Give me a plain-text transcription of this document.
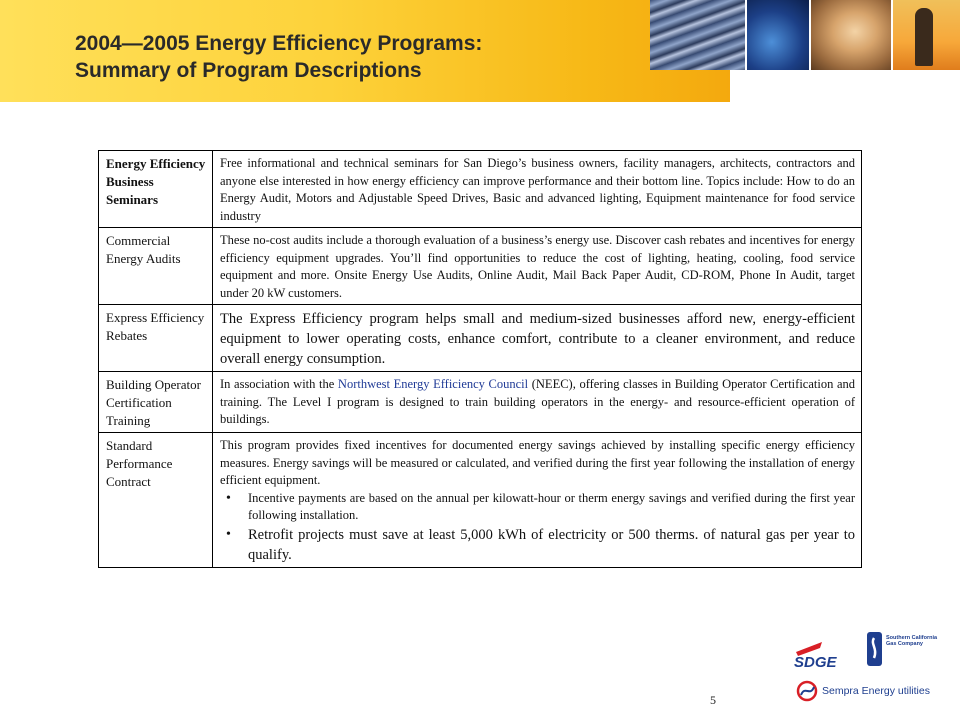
2004—2005 Energy Efficiency Programs:
Summary of Program Descriptions
Energy Efficiency Business Seminars
Free informational and technical seminars for San Diego’s business owners, facility managers, architects, contractors and anyone else interested in how energy efficiency can improve performance and their bottom line. Topics include: How to do an Energy Audit, Motors and Adjustable Speed Drives, Basic and advanced lighting, Equipment maintenance for food service industry
Commercial Energy Audits
These no-cost audits include a thorough evaluation of a business’s energy use. Discover cash rebates and incentives for energy efficiency equipment upgrades. You’ll find opportunities to reduce the cost of lighting, heating, cooling, food service equipment and more. Onsite Energy Use Audits, Online Audit, Mail Back Paper Audit, CD-ROM, Phone In Audit, target under 20 kW customers.
Express Efficiency Rebates
The Express Efficiency program helps small and medium-sized businesses afford new, energy-efficient equipment to lower operating costs, enhance comfort, contribute to a cleaner environment, and reduce overall energy consumption.
Building Operator Certification Training
In association with the Northwest Energy Efficiency Council (NEEC), offering classes in Building Operator Certification and training. The Level I program is designed to train building operators in the energy- and resource-efficient operation of buildings.
Standard Performance Contract
This program provides fixed incentives for documented energy savings achieved by installing specific energy efficiency measures. Energy savings will be measured or calculated, and verified during the first year following the installation of energy efficient equipment.
• Incentive payments are based on the annual per kilowatt-hour or therm energy savings and verified during the first year following installation.
• Retrofit projects must save at least 5,000 kWh of electricity or 500 therms. of natural gas per year to qualify.
5
SDGE
Southern California Gas Company
Sempra Energy utilities
